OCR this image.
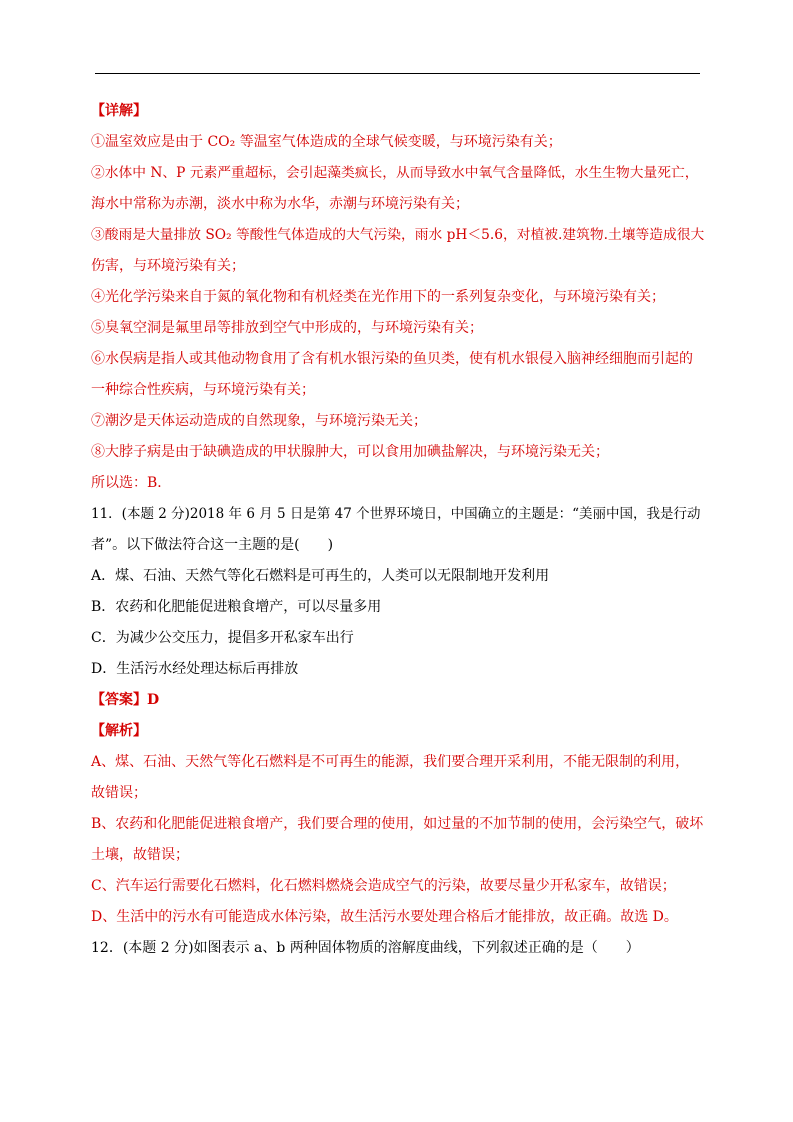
【详解】
①温室效应是由于 CO₂ 等温室气体造成的全球气候变暖，与环境污染有关；
②水体中 N、P 元素严重超标，会引起藻类疯长，从而导致水中氧气含量降低，水生生物大量死亡，
海水中常称为赤潮，淡水中称为水华，赤潮与环境污染有关；
③酸雨是大量排放 SO₂ 等酸性气体造成的大气污染，雨水 pH＜5.6，对植被.建筑物.土壤等造成很大
伤害，与环境污染有关；
④光化学污染来自于氮的氧化物和有机烃类在光作用下的一系列复杂变化，与环境污染有关；
⑤臭氧空洞是氟里昂等排放到空气中形成的，与环境污染有关；
⑥水俣病是指人或其他动物食用了含有机水银污染的鱼贝类，使有机水银侵入脑神经细胞而引起的
一种综合性疾病，与环境污染有关；
⑦潮汐是天体运动造成的自然现象，与环境污染无关；
⑧大脖子病是由于缺碘造成的甲状腺肿大，可以食用加碘盐解决，与环境污染无关；
所以选：B．
11．(本题 2 分)2018 年 6 月 5 日是第 47 个世界环境日，中国确立的主题是：“美丽中国，我是行动
者”。以下做法符合这一主题的是(　　)
A．煤、石油、天然气等化石燃料是可再生的，人类可以无限制地开发利用
B．农药和化肥能促进粮食增产，可以尽量多用
C．为减少公交压力，提倡多开私家车出行
D．生活污水经处理达标后再排放
【答案】D
【解析】
A、煤、石油、天然气等化石燃料是不可再生的能源，我们要合理开采利用，不能无限制的利用，
故错误；
B、农药和化肥能促进粮食增产，我们要合理的使用，如过量的不加节制的使用，会污染空气，破坏
土壤，故错误；
C、汽车运行需要化石燃料，化石燃料燃烧会造成空气的污染，故要尽量少开私家车，故错误；
D、生活中的污水有可能造成水体污染，故生活污水要处理合格后才能排放，故正确。故选 D。
12．(本题 2 分)如图表示 a、b 两种固体物质的溶解度曲线，下列叙述正确的是（　　）
